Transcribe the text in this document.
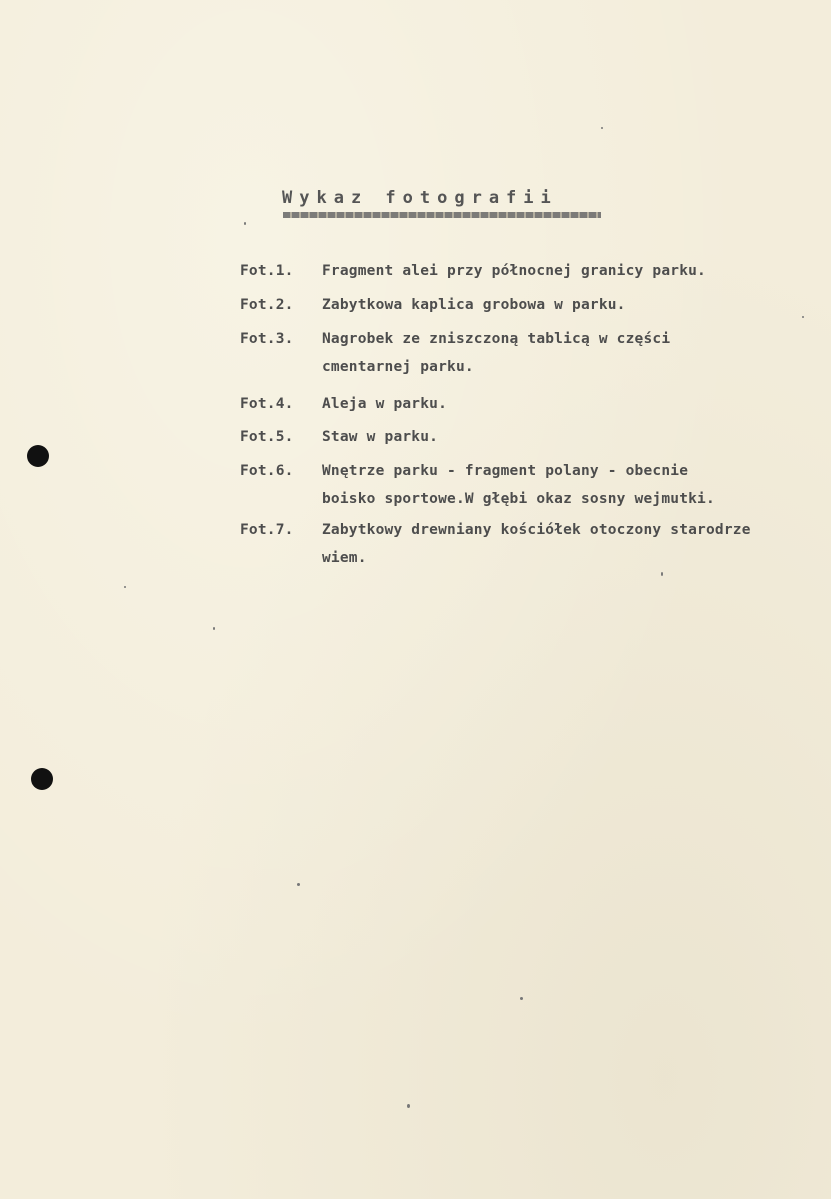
Wykaz fotografii
Fot.1. Fragment alei przy północnej granicy parku.
Fot.2. Zabytkowa kaplica grobowa w parku.
Fot.3. Nagrobek ze zniszczoną tablicą w części
cmentarnej parku.
Fot.4. Aleja w parku.
Fot.5. Staw w parku.
Fot.6. Wnętrze parku - fragment polany - obecnie
boisko sportowe.W głębi okaz sosny wejmutki.
Fot.7. Zabytkowy drewniany kościółek otoczony starodrze
wiem.
